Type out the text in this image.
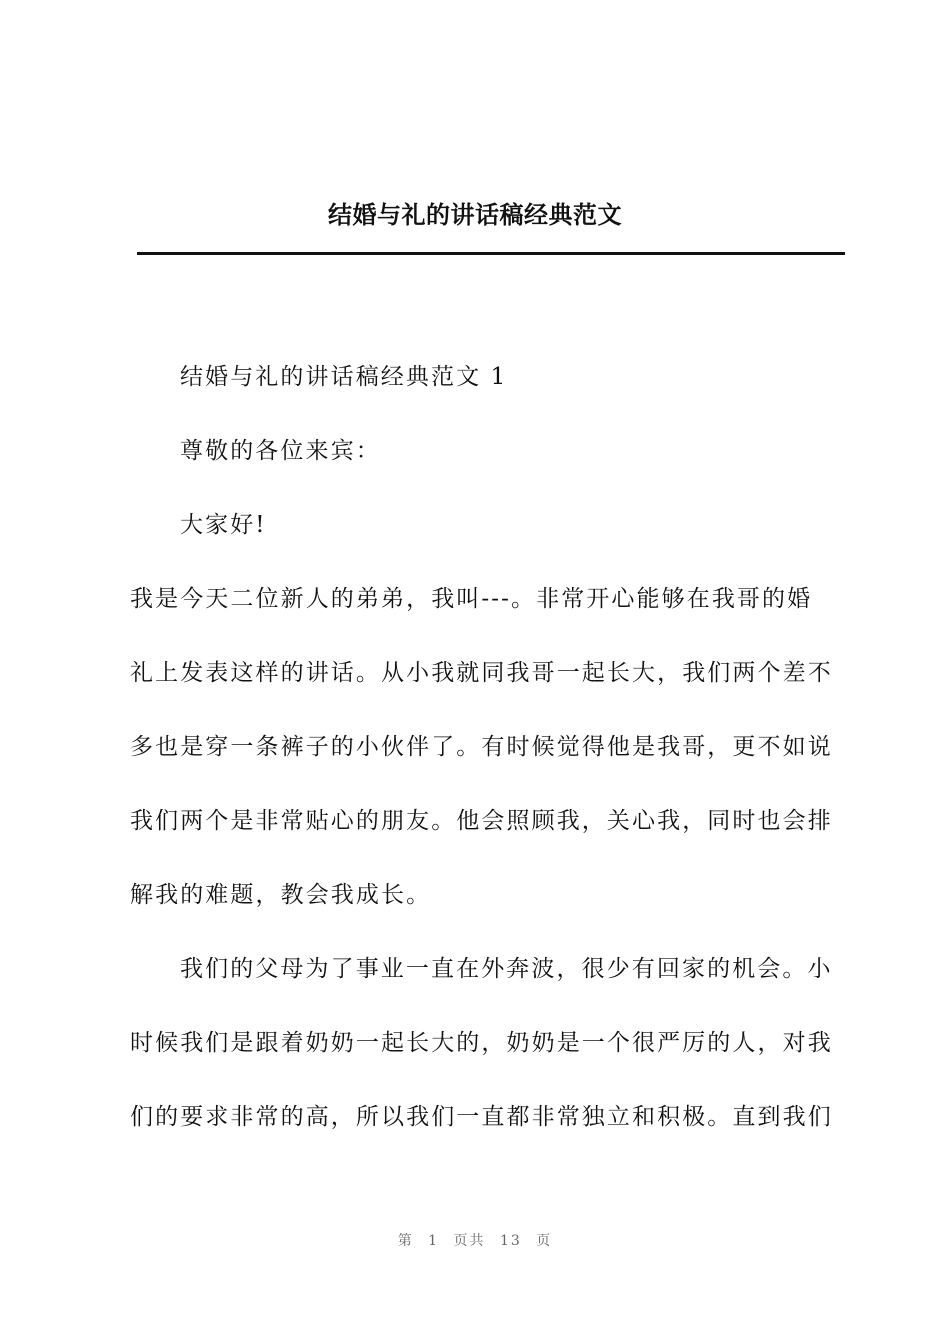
结婚与礼的讲话稿经典范文

结婚与礼的讲话稿经典范文 1

尊敬的各位来宾：

大家好!

我是今天二位新人的弟弟，我叫---。非常开心能够在我哥的婚

礼上发表这样的讲话。从小我就同我哥一起长大，我们两个差不

多也是穿一条裤子的小伙伴了。有时候觉得他是我哥，更不如说

我们两个是非常贴心的朋友。他会照顾我，关心我，同时也会排

解我的难题，教会我成长。

我们的父母为了事业一直在外奔波，很少有回家的机会。小

时候我们是跟着奶奶一起长大的，奶奶是一个很严厉的人，对我

们的要求非常的高，所以我们一直都非常独立和积极。直到我们

第 1 页共 13 页
